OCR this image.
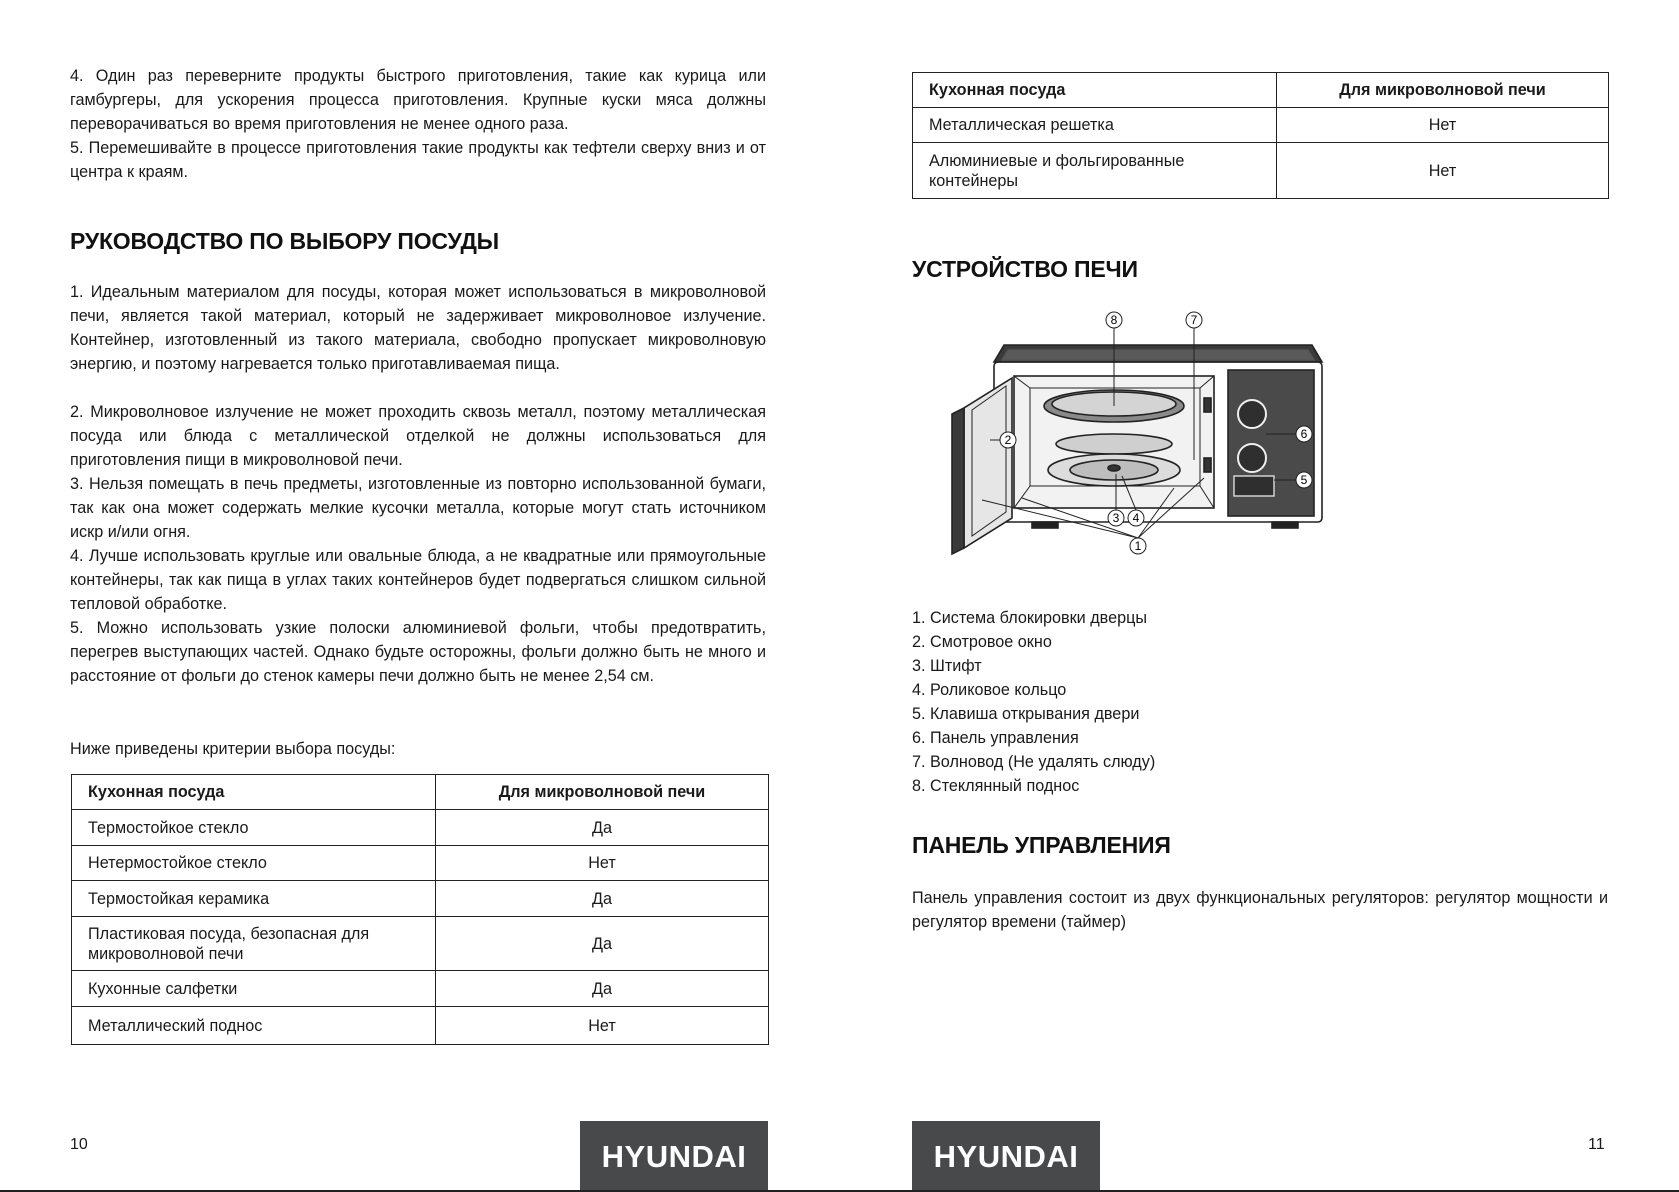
4. Один раз переверните продукты быстрого приготовления, такие как курица или гамбургеры, для ускорения процесса приготовления. Крупные куски мяса должны переворачиваться во время приготовления не менее одного раза.

5. Перемешивайте в процессе приготовления такие продукты как тефтели сверху вниз и от центра к краям.

РУКОВОДСТВО ПО ВЫБОРУ ПОСУДЫ

1. Идеальным материалом для посуды, которая может использоваться в микроволновой печи, является такой материал, который не задерживает микроволновое излучение. Контейнер, изготовленный из такого материала, свободно пропускает микроволновую энергию, и поэтому нагревается только приготавливаемая пища.

2. Микроволновое излучение не может проходить сквозь металл, поэтому металлическая посуда или блюда с металлической отделкой не должны использоваться для приготовления пищи в микроволновой печи.

3. Нельзя помещать в печь предметы, изготовленные из повторно использованной бумаги, так как она может содержать мелкие кусочки металла, которые могут стать источником искр и/или огня.

4. Лучше использовать круглые или овальные блюда, а не квадратные или прямоугольные контейнеры, так как пища в углах таких контейнеров будет подвергаться слишком сильной тепловой обработке.

5. Можно использовать узкие полоски алюминиевой фольги, чтобы предотвратить, перегрев выступающих частей. Однако будьте осторожны, фольги должно быть не много и расстояние от фольги до стенок камеры печи должно быть не менее 2,54 см.

Ниже приведены критерии выбора посуды:

Кухонная посуда	Для микроволновой печи
Термостойкое стекло	Да
Нетермостойкое стекло	Нет
Термостойкая керамика	Да
Пластиковая посуда, безопасная для микроволновой печи	Да
Кухонные салфетки	Да
Металлический поднос	Нет
10	HYUNDAI
Кухонная посуда	Для микроволновой печи
Металлическая решетка	Нет
Алюминиевые и фольгированные контейнеры	Нет
УСТРОЙСТВО ПЕЧИ
8	7
6
5
2
3 4
1
1. Система блокировки дверцы
2. Смотровое окно
3. Штифт
4. Роликовое кольцо
5. Клавиша открывания двери
6. Панель управления
7. Волновод (Не удалять слюду)
8. Стеклянный поднос
ПАНЕЛЬ УПРАВЛЕНИЯ

Панель управления состоит из двух функциональных регуляторов: регулятор мощности и регулятор времени (таймер)

11
HYUNDAI
